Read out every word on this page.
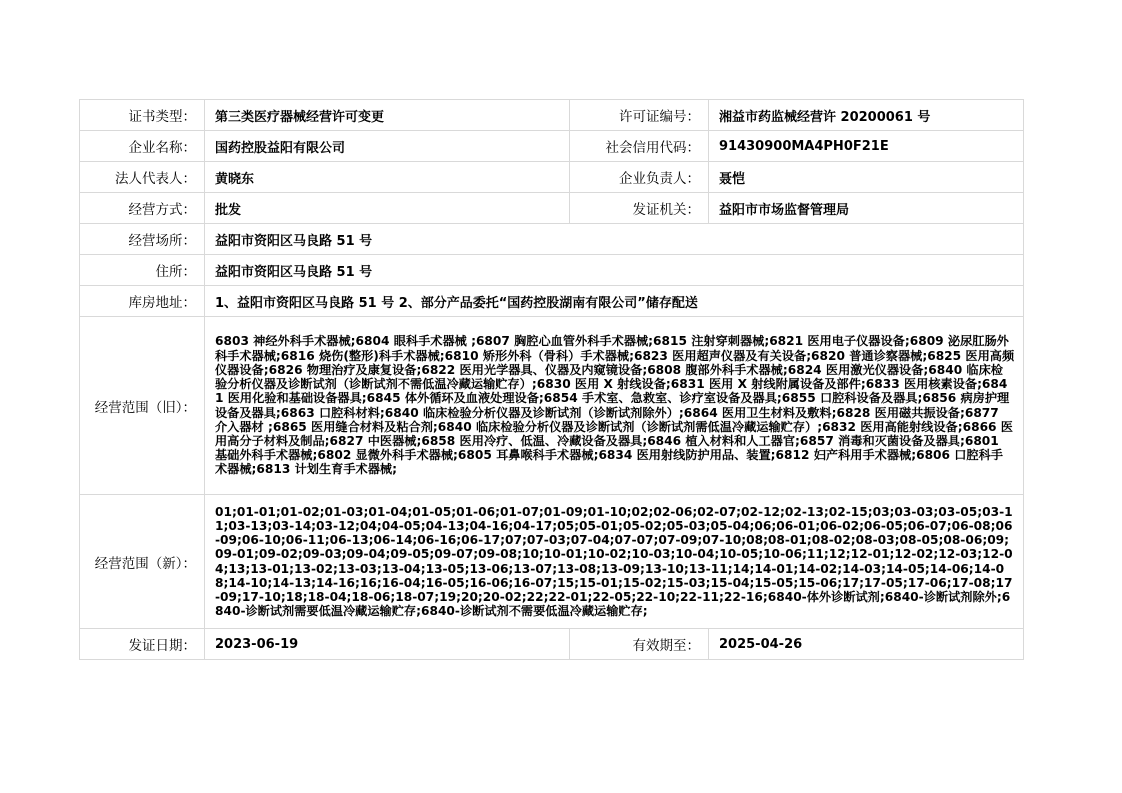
证书类型：	第三类医疗器械经营许可变更	许可证编号：	湘益市药监械经营许 20200061 号
企业名称：	国药控股益阳有限公司	社会信用代码：	91430900MA4PH0F21E
法人代表人：	黄晓东	企业负责人：	聂恺
经营方式：	批发	发证机关：	益阳市市场监督管理局
经营场所：	益阳市资阳区马良路 51 号		
住所：	益阳市资阳区马良路 51 号		
库房地址：	1、益阳市资阳区马良路 51 号 2、部分产品委托“国药控股湖南有限公司”储存配送		
经营范围（旧）：	6803 神经外科手术器械;6804 眼科手术器械 ;6807 胸腔心血管外科手术器械;6815 注射穿刺器械;6821 医用电子仪器设备;6809 泌尿肛肠外科手术器械;6816 烧伤(整形)科手术器械;6810 矫形外科（骨科）手术器械;6823 医用超声仪器及有关设备;6820 普通诊察器械;6825 医用高频仪器设备;6826 物理治疗及康复设备;6822 医用光学器具、仪器及内窥镜设备;6808 腹部外科手术器械;6824 医用激光仪器设备;6840 临床检验分析仪器及诊断试剂（诊断试剂不需低温冷藏运输贮存）;6830 医用 X 射线设备;6831 医用 X 射线附属设备及部件;6833 医用核素设备;6841 医用化验和基础设备器具;6845 体外循环及血液处理设备;6854 手术室、急救室、诊疗室设备及器具;6855 口腔科设备及器具;6856 病房护理设备及器具;6863 口腔科材料;6840 临床检验分析仪器及诊断试剂（诊断试剂除外）;6864 医用卫生材料及敷料;6828 医用磁共振设备;6877 介入器材 ;6865 医用缝合材料及粘合剂;6840 临床检验分析仪器及诊断试剂（诊断试剂需低温冷藏运输贮存）;6832 医用高能射线设备;6866 医用高分子材料及制品;6827 中医器械;6858 医用冷疗、低温、冷藏设备及器具;6846 植入材料和人工器官;6857 消毒和灭菌设备及器具;6801 基础外科手术器械;6802 显微外科手术器械;6805 耳鼻喉科手术器械;6834 医用射线防护用品、装置;6812 妇产科用手术器械;6806 口腔科手术器械;6813 计划生育手术器械;		
经营范围（新）：	01;01-01;01-02;01-03;01-04;01-05;01-06;01-07;01-09;01-10;02;02-06;02-07;02-12;02-13;02-15;03;03-03;03-05;03-11;03-13;03-14;03-12;04;04-05;04-13;04-16;04-17;05;05-01;05-02;05-03;05-04;06;06-01;06-02;06-05;06-07;06-08;06-09;06-10;06-11;06-13;06-14;06-16;06-17;07;07-03;07-04;07-07;07-09;07-10;08;08-01;08-02;08-03;08-05;08-06;09;09-01;09-02;09-03;09-04;09-05;09-07;09-08;10;10-01;10-02;10-03;10-04;10-05;10-06;11;12;12-01;12-02;12-03;12-04;13;13-01;13-02;13-03;13-04;13-05;13-06;13-07;13-08;13-09;13-10;13-11;14;14-01;14-02;14-03;14-05;14-06;14-08;14-10;14-13;14-16;16;16-04;16-05;16-06;16-07;15;15-01;15-02;15-03;15-04;15-05;15-06;17;17-05;17-06;17-08;17-09;17-10;18;18-04;18-06;18-07;19;20;20-02;22;22-01;22-05;22-10;22-11;22-16;6840-体外诊断试剂;6840-诊断试剂除外;6840-诊断试剂需要低温冷藏运输贮存;6840-诊断试剂不需要低温冷藏运输贮存;		
发证日期：	2023-06-19	有效期至：	2025-04-26
